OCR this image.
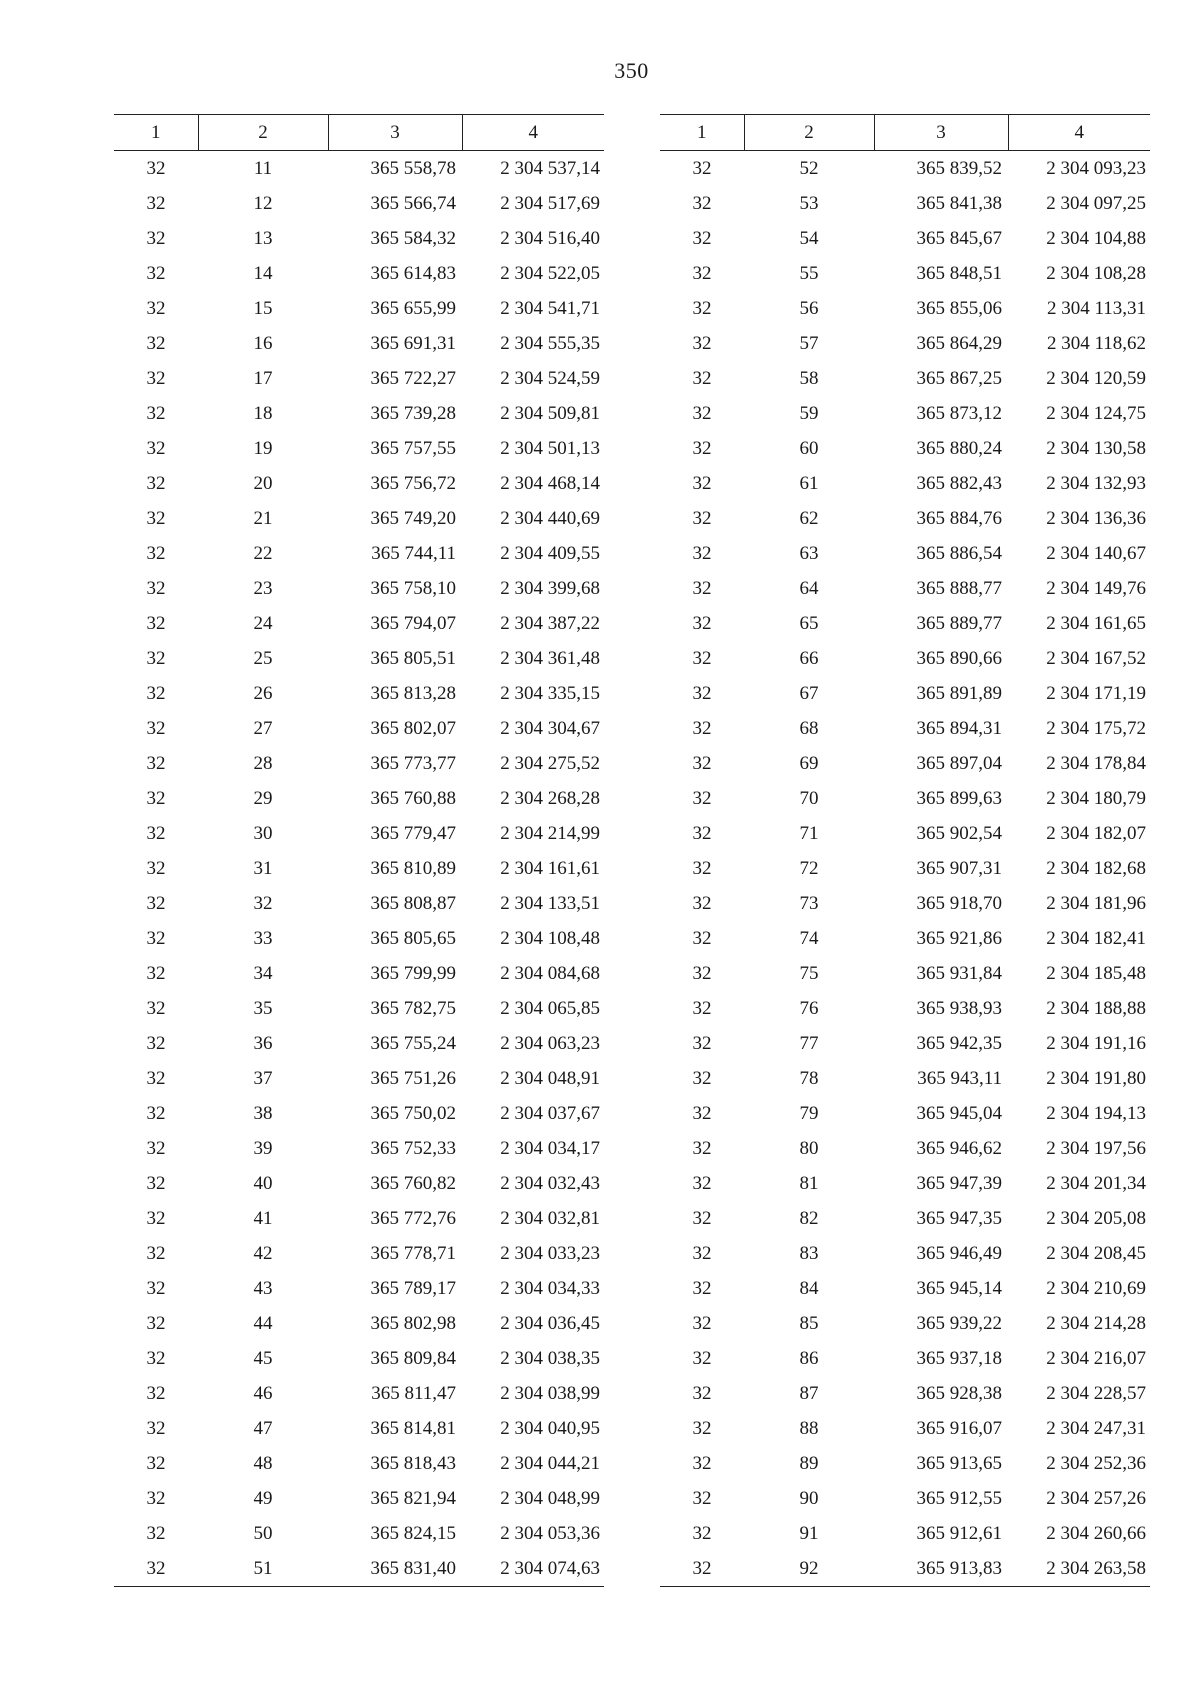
350
1	2	3	4
32	11	365 558,78	2 304 537,14
32	12	365 566,74	2 304 517,69
32	13	365 584,32	2 304 516,40
32	14	365 614,83	2 304 522,05
32	15	365 655,99	2 304 541,71
32	16	365 691,31	2 304 555,35
32	17	365 722,27	2 304 524,59
32	18	365 739,28	2 304 509,81
32	19	365 757,55	2 304 501,13
32	20	365 756,72	2 304 468,14
32	21	365 749,20	2 304 440,69
32	22	365 744,11	2 304 409,55
32	23	365 758,10	2 304 399,68
32	24	365 794,07	2 304 387,22
32	25	365 805,51	2 304 361,48
32	26	365 813,28	2 304 335,15
32	27	365 802,07	2 304 304,67
32	28	365 773,77	2 304 275,52
32	29	365 760,88	2 304 268,28
32	30	365 779,47	2 304 214,99
32	31	365 810,89	2 304 161,61
32	32	365 808,87	2 304 133,51
32	33	365 805,65	2 304 108,48
32	34	365 799,99	2 304 084,68
32	35	365 782,75	2 304 065,85
32	36	365 755,24	2 304 063,23
32	37	365 751,26	2 304 048,91
32	38	365 750,02	2 304 037,67
32	39	365 752,33	2 304 034,17
32	40	365 760,82	2 304 032,43
32	41	365 772,76	2 304 032,81
32	42	365 778,71	2 304 033,23
32	43	365 789,17	2 304 034,33
32	44	365 802,98	2 304 036,45
32	45	365 809,84	2 304 038,35
32	46	365 811,47	2 304 038,99
32	47	365 814,81	2 304 040,95
32	48	365 818,43	2 304 044,21
32	49	365 821,94	2 304 048,99
32	50	365 824,15	2 304 053,36
32	51	365 831,40	2 304 074,63
1	2	3	4
32	52	365 839,52	2 304 093,23
32	53	365 841,38	2 304 097,25
32	54	365 845,67	2 304 104,88
32	55	365 848,51	2 304 108,28
32	56	365 855,06	2 304 113,31
32	57	365 864,29	2 304 118,62
32	58	365 867,25	2 304 120,59
32	59	365 873,12	2 304 124,75
32	60	365 880,24	2 304 130,58
32	61	365 882,43	2 304 132,93
32	62	365 884,76	2 304 136,36
32	63	365 886,54	2 304 140,67
32	64	365 888,77	2 304 149,76
32	65	365 889,77	2 304 161,65
32	66	365 890,66	2 304 167,52
32	67	365 891,89	2 304 171,19
32	68	365 894,31	2 304 175,72
32	69	365 897,04	2 304 178,84
32	70	365 899,63	2 304 180,79
32	71	365 902,54	2 304 182,07
32	72	365 907,31	2 304 182,68
32	73	365 918,70	2 304 181,96
32	74	365 921,86	2 304 182,41
32	75	365 931,84	2 304 185,48
32	76	365 938,93	2 304 188,88
32	77	365 942,35	2 304 191,16
32	78	365 943,11	2 304 191,80
32	79	365 945,04	2 304 194,13
32	80	365 946,62	2 304 197,56
32	81	365 947,39	2 304 201,34
32	82	365 947,35	2 304 205,08
32	83	365 946,49	2 304 208,45
32	84	365 945,14	2 304 210,69
32	85	365 939,22	2 304 214,28
32	86	365 937,18	2 304 216,07
32	87	365 928,38	2 304 228,57
32	88	365 916,07	2 304 247,31
32	89	365 913,65	2 304 252,36
32	90	365 912,55	2 304 257,26
32	91	365 912,61	2 304 260,66
32	92	365 913,83	2 304 263,58
